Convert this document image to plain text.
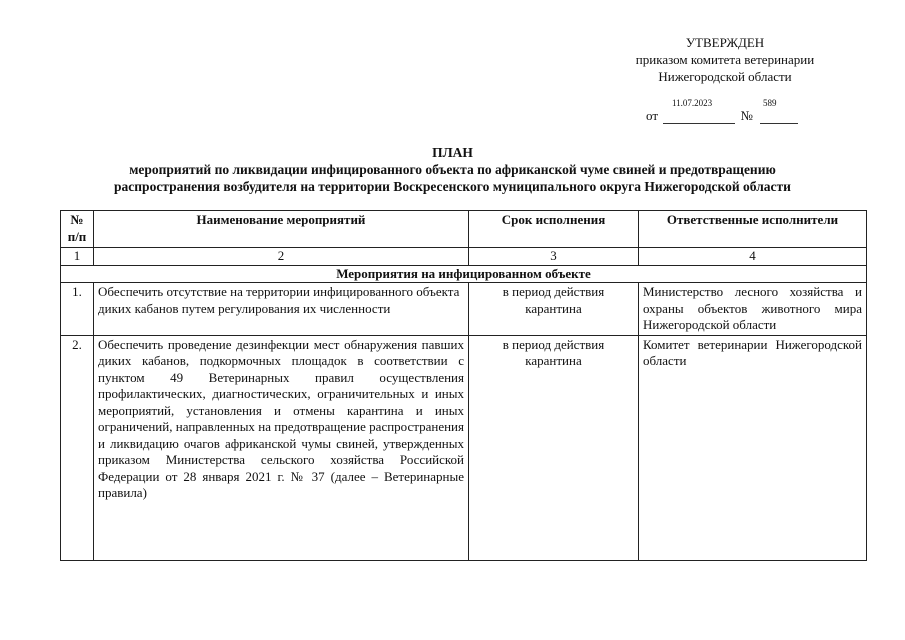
УТВЕРЖДЕН
приказом комитета ветеринарии
Нижегородской области
11.07.2023	589
от	№
ПЛАН
мероприятий по ликвидации инфицированного объекта по африканской чуме свиней и предотвращению
распространения возбудителя на территории Воскресенского муниципального округа Нижегородской области
№ п/п	Наименование мероприятий	Срок исполнения	Ответственные исполнители
1	2	3	4
Мероприятия на инфицированном объекте			
1.	Обеспечить отсутствие на территории инфицированного объекта диких кабанов путем регулирования их численности	в период действия карантина	Министерство лесного хозяйства и охраны объектов животного мира Нижегородской области
2.	Обеспечить проведение дезинфекции мест обнаружения павших диких кабанов, подкормочных площадок в соответствии с пунктом 49 Ветеринарных правил осуществления профилактических, диагностических, ограничительных и иных мероприятий, установления и отмены карантина и иных ограничений, направленных на предотвращение распространения и ликвидацию очагов африканской чумы свиней, утвержденных приказом Министерства сельского хозяйства Российской Федерации от 28 января 2021 г. № 37 (далее – Ветеринарные правила)	в период действия карантина	Комитет ветеринарии Нижегородской области
